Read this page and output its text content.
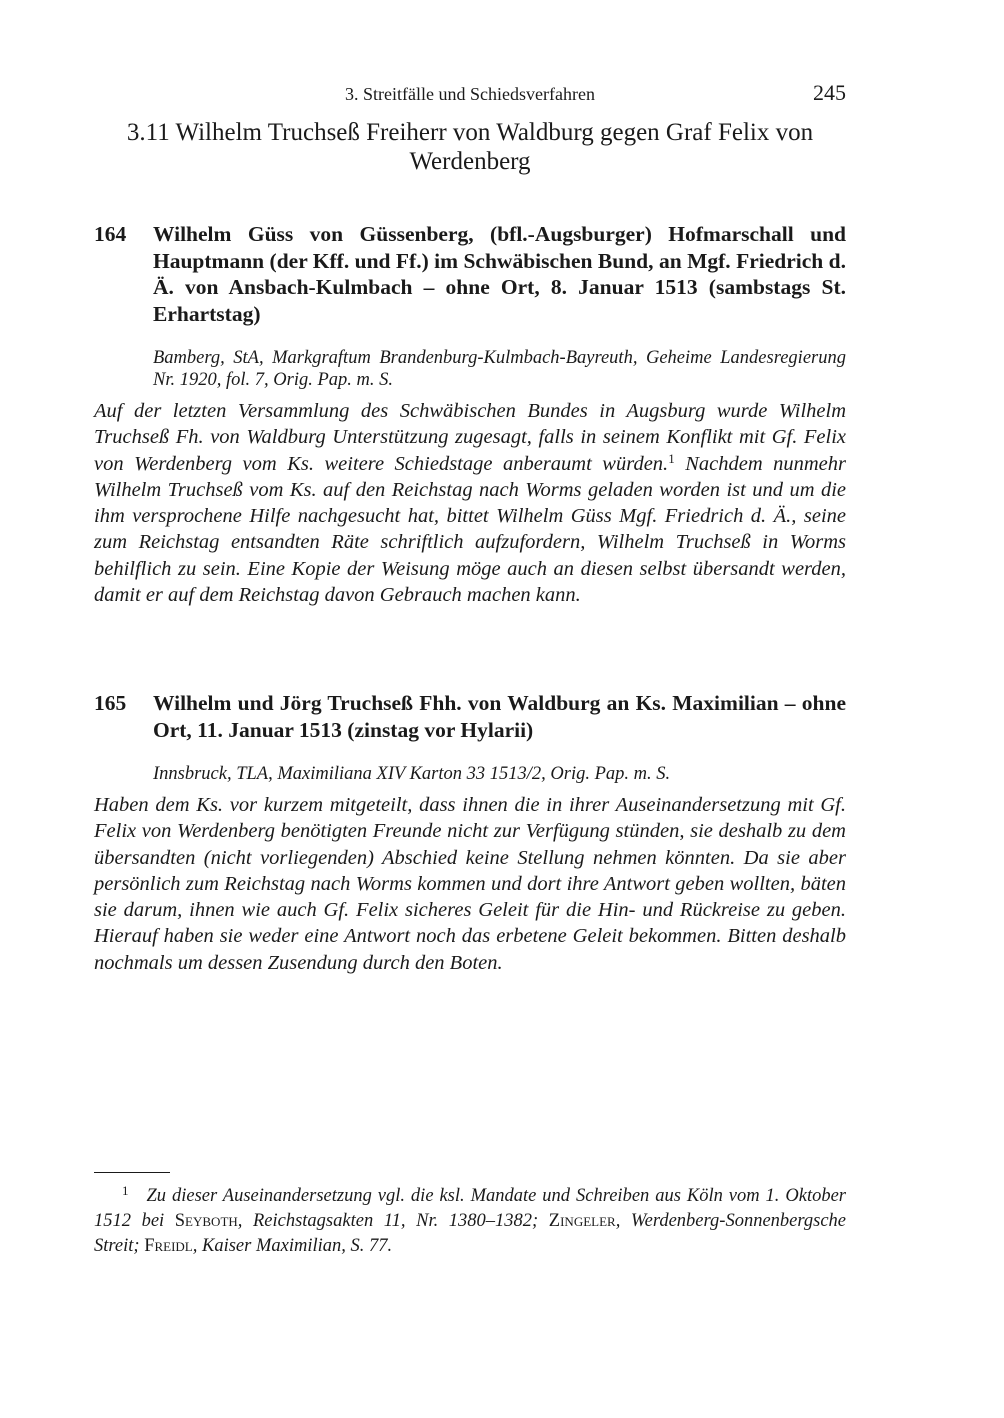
3. Streitfälle und Schiedsverfahren	245
3.11 Wilhelm Truchseß Freiherr von Waldburg gegen Graf Felix von Werdenberg
164 Wilhelm Güss von Güssenberg, (bfl.-Augsburger) Hofmarschall und Hauptmann (der Kff. und Ff.) im Schwäbischen Bund, an Mgf. Friedrich d. Ä. von Ansbach-Kulmbach – ohne Ort, 8. Januar 1513 (sambstags St. Erhartstag)
Bamberg, StA, Markgraftum Brandenburg-Kulmbach-Bayreuth, Geheime Landesregierung Nr. 1920, fol. 7, Orig. Pap. m. S.
Auf der letzten Versammlung des Schwäbischen Bundes in Augsburg wurde Wilhelm Truchseß Fh. von Waldburg Unterstützung zugesagt, falls in seinem Konflikt mit Gf. Felix von Werdenberg vom Ks. weitere Schiedstage anberaumt würden.$^1$ Nachdem nunmehr Wilhelm Truchseß vom Ks. auf den Reichstag nach Worms geladen worden ist und um die ihm versprochene Hilfe nachgesucht hat, bittet Wilhelm Güss Mgf. Friedrich d. Ä., seine zum Reichstag entsandten Räte schriftlich aufzufordern, Wilhelm Truchseß in Worms behilflich zu sein. Eine Kopie der Weisung möge auch an diesen selbst übersandt werden, damit er auf dem Reichstag davon Gebrauch machen kann.
165 Wilhelm und Jörg Truchseß Fhh. von Waldburg an Ks. Maximilian – ohne Ort, 11. Januar 1513 (zinstag vor Hylarii)
Innsbruck, TLA, Maximiliana XIV Karton 33 1513/2, Orig. Pap. m. S.
Haben dem Ks. vor kurzem mitgeteilt, dass ihnen die in ihrer Auseinandersetzung mit Gf. Felix von Werdenberg benötigten Freunde nicht zur Verfügung stünden, sie deshalb zu dem übersandten (nicht vorliegenden) Abschied keine Stellung nehmen könnten. Da sie aber persönlich zum Reichstag nach Worms kommen und dort ihre Antwort geben wollten, bäten sie darum, ihnen wie auch Gf. Felix sicheres Geleit für die Hin- und Rückreise zu geben. Hierauf haben sie weder eine Antwort noch das erbetene Geleit bekommen. Bitten deshalb nochmals um dessen Zusendung durch den Boten.
$^1$ Zu dieser Auseinandersetzung vgl. die ksl. Mandate und Schreiben aus Köln vom 1. Oktober 1512 bei Seyboth, Reichstagsakten 11, Nr. 1380–1382; Zingeler, Werdenberg-Sonnenbergsche Streit; Freidl, Kaiser Maximilian, S. 77.
